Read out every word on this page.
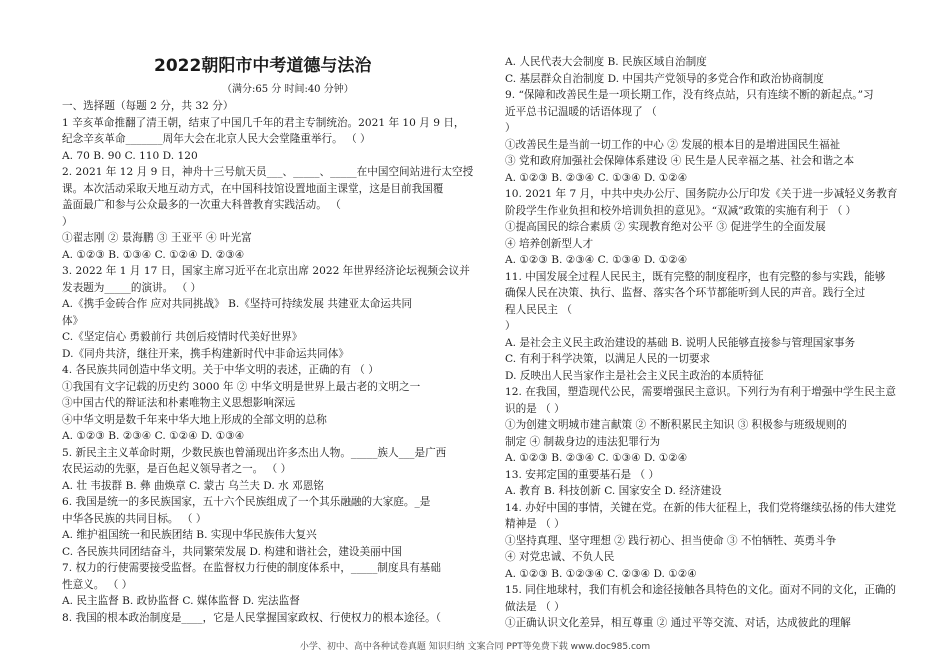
2022朝阳市中考道德与法治
（满分:65 分 时间:40 分钟）
一、选择题（每题 2 分，共 32 分）
1 辛亥革命推翻了清王朝，结束了中国几千年的君主专制统治。2021 年 10 月 9 日，
纪念辛亥革命_______周年大会在北京人民大会堂隆重举行。 （ ）
A. 70 B. 90 C. 110 D. 120
2. 2021 年 12 月 9 日，神舟十三号航天员___、_____、_____在中国空间站进行太空授
课。本次活动采取天地互动方式，在中国科技馆设置地面主课堂，这是目前我国覆
盖面最广和参与公众最多的一次重大科普教育实践活动。 （
）
①翟志刚 ② 景海鹏 ③ 王亚平 ④ 叶光富
A. ①②③ B. ①③④ C. ①②④ D. ②③④
3. 2022 年 1 月 17 日，国家主席习近平在北京出席 2022 年世界经济论坛视频会议并
发表题为_____的演讲。 （ ）
A.《携手金砖合作 应对共同挑战》 B.《坚持可持续发展 共建亚太命运共同
体》
C.《坚定信心 勇毅前行 共创后疫情时代美好世界》
D.《同舟共济，继往开来，携手构建新时代中非命运共同体》
4. 各民族共同创造中华文明。关于中华文明的表述，正确的有 （ ）
①我国有文字记载的历史约 3000 年 ② 中华文明是世界上最古老的文明之一
③中国古代的辩证法和朴素唯物主义思想影响深远
④中华文明是数千年来中华大地上形成的全部文明的总称
A. ①②③ B. ②③④ C. ①②④ D. ①③④
5. 新民主主义革命时期，少数民族也曾涌现出许多杰出人物。_____族人___是广西
农民运动的先驱，是百色起义领导者之一。 （ ）
A. 壮 韦拔群 B. 彝 曲焕章 C. 蒙古 乌兰夫 D. 水 邓恩铭
6. 我国是统一的多民族国家，五十六个民族组成了一个其乐融融的大家庭。_是
中华各民族的共同目标。 （ ）
A. 维护祖国统一和民族团结 B. 实现中华民族伟大复兴
C. 各民族共同团结奋斗，共同繁荣发展 D. 构建和谐社会，建设美丽中国
7. 权力的行使需要接受监督。在监督权力行使的制度体系中，_____制度具有基础
性意义。 （ ）
A. 民主监督 B. 政协监督 C. 媒体监督 D. 宪法监督
8. 我国的根本政治制度是____，它是人民掌握国家政权、行使权力的根本途径。（
A. 人民代表大会制度 B. 民族区域自治制度
C. 基层群众自治制度 D. 中国共产党领导的多党合作和政治协商制度
9. “保障和改善民生是一项长期工作，没有终点站，只有连续不断的新起点。”习
近平总书记温暖的话语体现了 （
）
①改善民生是当前一切工作的中心 ② 发展的根本目的是增进国民生福祉
③ 党和政府加强社会保障体系建设 ④ 民生是人民幸福之基、社会和谐之本
A. ①②③ B. ②③④ C. ①③④ D. ①②④
10. 2021 年 7 月，中共中央办公厅、国务院办公厅印发《关于进一步减轻义务教育
阶段学生作业负担和校外培训负担的意见》。“双减”政策的实施有利于 （ ）
①提高国民的综合素质 ② 实现教育绝对公平 ③ 促进学生的全面发展
④ 培养创新型人才
A. ①②③ B. ②③④ C. ①③④ D. ①②④
11. 中国发展全过程人民民主，既有完整的制度程序，也有完整的参与实践，能够
确保人民在决策、执行、监督、落实各个环节都能听到人民的声音。践行全过
程人民民主 （
）
A. 是社会主义民主政治建设的基础 B. 说明人民能够直接参与管理国家事务
C. 有利于科学决策，以满足人民的一切要求
D. 反映出人民当家作主是社会主义民主政治的本质特征
12. 在我国，塑造现代公民，需要增强民主意识。下列行为有利于增强中学生民主意
识的是 （ ）
①为创建文明城市建言献策 ② 不断积累民主知识 ③ 积极参与班级规则的
制定 ④ 制裁身边的违法犯罪行为
A. ①②③ B. ②③④ C. ①③④ D. ①②④
13. 安邦定国的重要基石是 （ ）
A. 教育 B. 科技创新 C. 国家安全 D. 经济建设
14. 办好中国的事情，关键在党。在新的伟大征程上，我们党将继续弘扬的伟大建党
精神是 （ ）
①坚持真理、坚守理想 ② 践行初心、担当使命 ③ 不怕牺牲、英勇斗争
④ 对党忠诚、不负人民
A. ①②③ B. ①②③④ C. ②③④ D. ①②④
15. 同住地球村，我们有机会和途径接触各具特色的文化。面对不同的文化，正确的
做法是 （ ）
①正确认识文化差异，相互尊重 ② 通过平等交流、对话，达成彼此的理解
小学、初中、高中各种试卷真题 知识归纳 文案合同 PPT等免费下载 www.doc985.com
